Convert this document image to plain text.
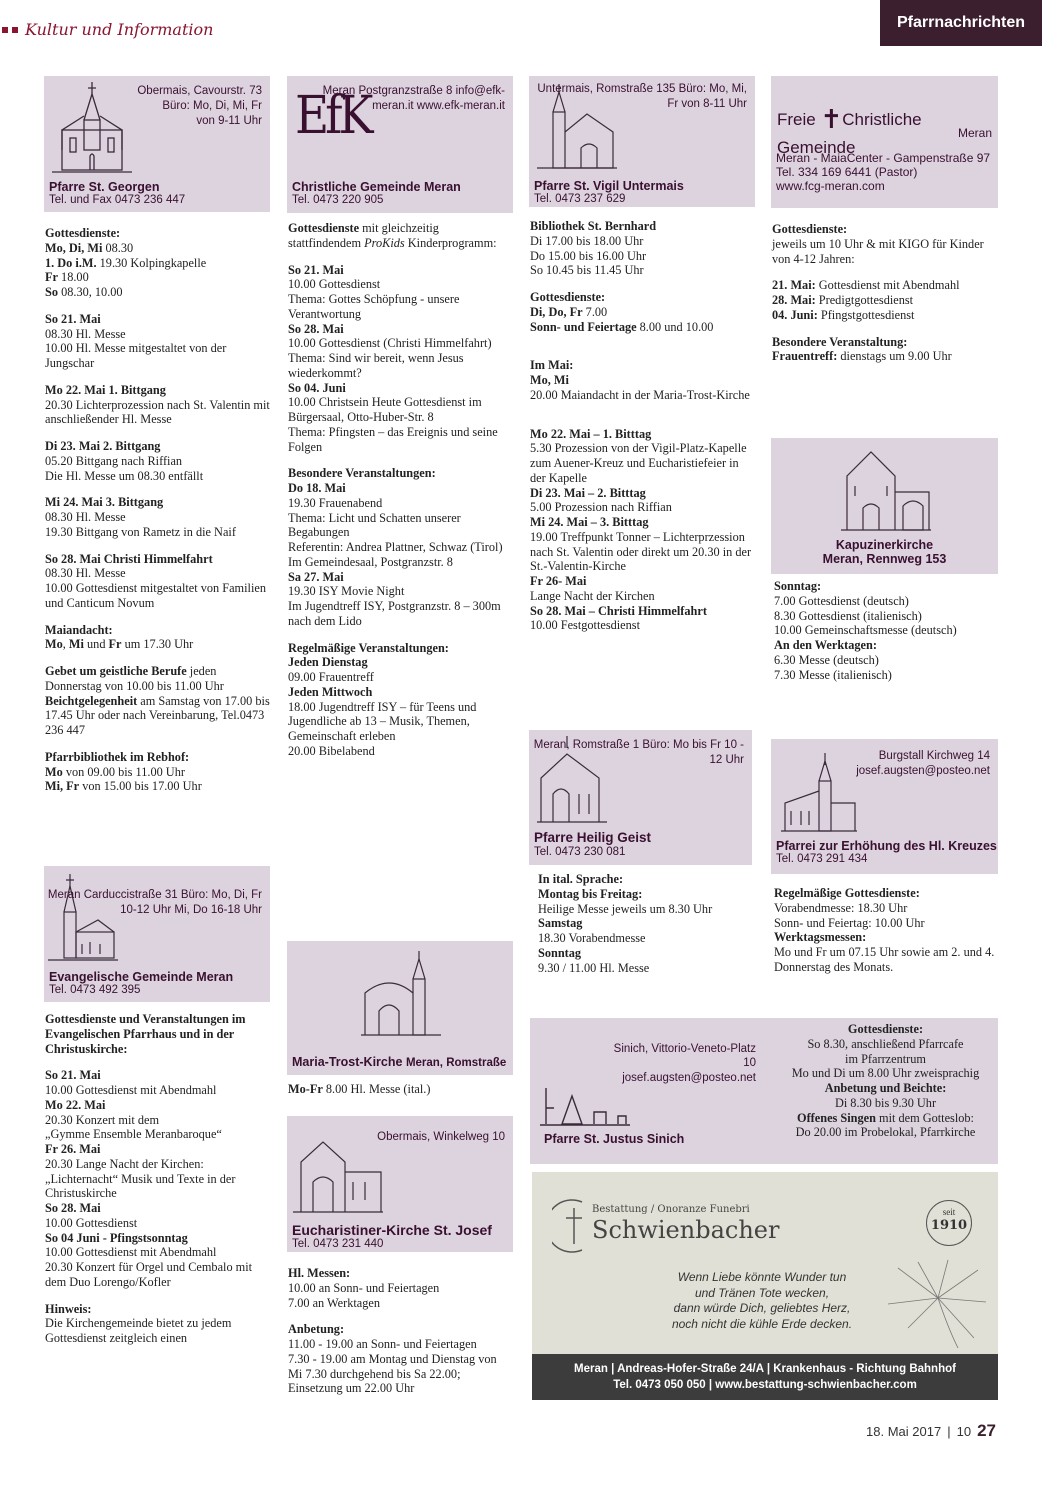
Kultur und Information	Pfarrnachrichten
Obermais, Cavourstr. 73
Büro: Mo, Di, Mi, Fr
von 9-11 Uhr
Pfarre St. Georgen
Tel. und Fax 0473 236 447

Gottesdienste:

Mo, Di, Mi 08.30

1. Do i.M. 19.30 Kolpingkapelle

Fr 18.00

So 08.30, 10.00

So 21. Mai

08.30 Hl. Messe
10.00 Hl. Messe mitgestaltet von der Jungschar

Mo 22. Mai 1. Bittgang

20.30 Lichterprozession nach St. Valentin mit anschließender Hl. Messe

Di 23. Mai 2. Bittgang

05.20 Bittgang nach Riffian
Die Hl. Messe um 08.30 entfällt

Mi 24. Mai 3. Bittgang

08.30 Hl. Messe
19.30 Bittgang von Rametz in die Naif

So 28. Mai Christi Himmelfahrt

08.30 Hl. Messe
10.00 Gottesdienst mitgestaltet von Familien und Canticum Novum

Maiandacht:

Mo, Mi und Fr um 17.30 Uhr

Gebet um geistliche Berufe jeden Donnerstag von 10.00 bis 11.00 Uhr

Beichtgelegenheit am Samstag von 17.00 bis 17.45 Uhr oder nach Vereinbarung, Tel.0473 236 447

Pfarrbibliothek im Rebhof:

Mo von 09.00 bis 11.00 Uhr

Mi, Fr von 15.00 bis 17.00 Uhr

Meran Carduccistraße 31 Büro: Mo, Di, Fr 10-12 Uhr Mi, Do 16-18 Uhr
Evangelische Gemeinde Meran
Tel. 0473 492 395

Gottesdienste und Veranstaltungen im Evangelischen Pfarrhaus und in der Christuskirche:

So 21. Mai

10.00 Gottesdienst mit Abendmahl

Mo 22. Mai

20.30 Konzert mit dem
„Gymme Ensemble Meranbaroque“

Fr 26. Mai

20.30 Lange Nacht der Kirchen: „Lichternacht“ Musik und Texte in der Christuskirche

So 28. Mai

10.00 Gottesdienst

So 04 Juni - Pfingstsonntag

10.00 Gottesdienst mit Abendmahl
20.30 Konzert für Orgel und Cembalo mit dem Duo Lorengo/Kofler

Hinweis:

Die Kirchengemeinde bietet zu jedem Gottesdienst zeitgleich einen

EfK
Meran Postgranzstraße 8 info@efk-meran.it www.efk-meran.it
Christliche Gemeinde Meran
Tel. 0473 220 905

Gottesdienste mit gleichzeitig stattfindendem ProKids Kinderprogramm:

So 21. Mai

10.00 Gottesdienst
Thema: Gottes Schöpfung - unsere Verantwortung

So 28. Mai

10.00 Gottesdienst (Christi Himmelfahrt)
Thema: Sind wir bereit, wenn Jesus wiederkommt?

So 04. Juni

10.00 Christsein Heute Gottesdienst im Bürgersaal, Otto-Huber-Str. 8
Thema: Pfingsten – das Ereignis und seine Folgen

Besondere Veranstaltungen:

Do 18. Mai

19.30 Frauenabend
Thema: Licht und Schatten unserer Begabungen
Referentin: Andrea Plattner, Schwaz (Tirol)
Im Gemeindesaal, Postgranzstr. 8

Sa 27. Mai

19.30 ISY Movie Night
Im Jugendtreff ISY, Postgranzstr. 8 – 300m nach dem Lido

Regelmäßige Veranstaltungen:

Jeden Dienstag

09.00 Frauentreff

Jeden Mittwoch

18.00 Jugendtreff ISY – für Teens und Jugendliche ab 13 – Musik, Themen, Gemeinschaft erleben
20.00 Bibelabend

Maria-Trost-Kirche Meran, Romstraße

Mo-Fr 8.00 Hl. Messe (ital.)

Obermais, Winkelweg 10
Eucharistiner-Kirche St. Josef
Tel. 0473 231 440

Hl. Messen:

10.00 an Sonn- und Feiertagen
7.00 an Werktagen

Anbetung:

11.00 - 19.00 an Sonn- und Feiertagen
7.30 - 19.00 am Montag und Dienstag von Mi 7.30 durchgehend bis Sa 22.00; Einsetzung um 22.00 Uhr

Untermais, Romstraße 135 Büro: Mo, Mi, Fr von 8-11 Uhr
Pfarre St. Vigil Untermais
Tel. 0473 237 629

Bibliothek St. Bernhard

Di 17.00 bis 18.00 Uhr
Do 15.00 bis 16.00 Uhr
So 10.45 bis 11.45 Uhr

Gottesdienste:

Di, Do, Fr 7.00

Sonn- und Feiertage 8.00 und 10.00

Im Mai:

Mo, Mi

20.00 Maiandacht in der Maria-Trost-Kirche

Mo 22. Mai – 1. Bitttag

5.30 Prozession von der Vigil-Platz-Kapelle zum Auener-Kreuz und Eucharistiefeier in der Kapelle

Di 23. Mai – 2. Bitttag

5.00 Prozession nach Riffian

Mi 24. Mai – 3. Bitttag

19.00 Treffpunkt Tonner – Lichterprzession nach St. Valentin oder direkt um 20.30 in der St.-Valentin-Kirche

Fr 26- Mai

Lange Nacht der Kirchen

So 28. Mai – Christi Himmelfahrt

10.00 Festgottesdienst

Meran, Romstraße 1 Büro: Mo bis Fr 10 - 12 Uhr
Pfarre Heilig Geist
Tel. 0473 230 081

In ital. Sprache:

Montag bis Freitag:

Heilige Messe jeweils um 8.30 Uhr

Samstag

18.30 Vorabendmesse

Sonntag

9.30 / 11.00 Hl. Messe

Freie ✝Christliche Gemeinde
Meran
Meran - MaiaCenter - Gampenstraße 97
Tel. 334 169 6441 (Pastor)
www.fcg-meran.com

Gottesdienste:

jeweils um 10 Uhr & mit KIGO für Kinder von 4-12 Jahren:

21. Mai: Gottesdienst mit Abendmahl

28. Mai: Predigtgottesdienst

04. Juni: Pfingstgottesdienst

Besondere Veranstaltung:

Frauentreff: dienstags um 9.00 Uhr

Kapuzinerkirche
Meran, Rennweg 153

Sonntag:

7.00 Gottesdienst (deutsch)
8.30 Gottesdienst (italienisch)
10.00 Gemeinschaftsmesse (deutsch)

An den Werktagen:

6.30 Messe (deutsch)
7.30 Messe (italienisch)

Burgstall Kirchweg 14 josef.augsten@posteo.net
Pfarrei zur Erhöhung des Hl. Kreuzes
Tel. 0473 291 434

Regelmäßige Gottesdienste:

Vorabendmesse: 18.30 Uhr
Sonn- und Feiertag: 10.00 Uhr

Werktagsmessen:

Mo und Fr um 07.15 Uhr sowie am 2. und 4. Donnerstag des Monats.

Sinich, Vittorio-Veneto-Platz 10
josef.augsten@posteo.net
Pfarre St. Justus Sinich

Gottesdienste:

So 8.30, anschließend Pfarrcafe
im Pfarrzentrum
Mo und Di um 8.00 Uhr zweisprachig

Anbetung und Beichte:

Di 8.30 bis 9.30 Uhr

Offenes Singen mit dem Gotteslob:

Do 20.00 im Probelokal, Pfarrkirche

Bestattung / Onoranze Funebri
Schwienbacher
seit
1910
Wenn Liebe könnte Wunder tun
und Tränen Tote wecken,
dann würde Dich, geliebtes Herz,
noch nicht die kühle Erde decken.
Meran | Andreas-Hofer-Straße 24/A | Krankenhaus - Richtung Bahnhof
Tel. 0473 050 050 | www.bestattung-schwienbacher.com
18. Mai 2017 | 10 27
